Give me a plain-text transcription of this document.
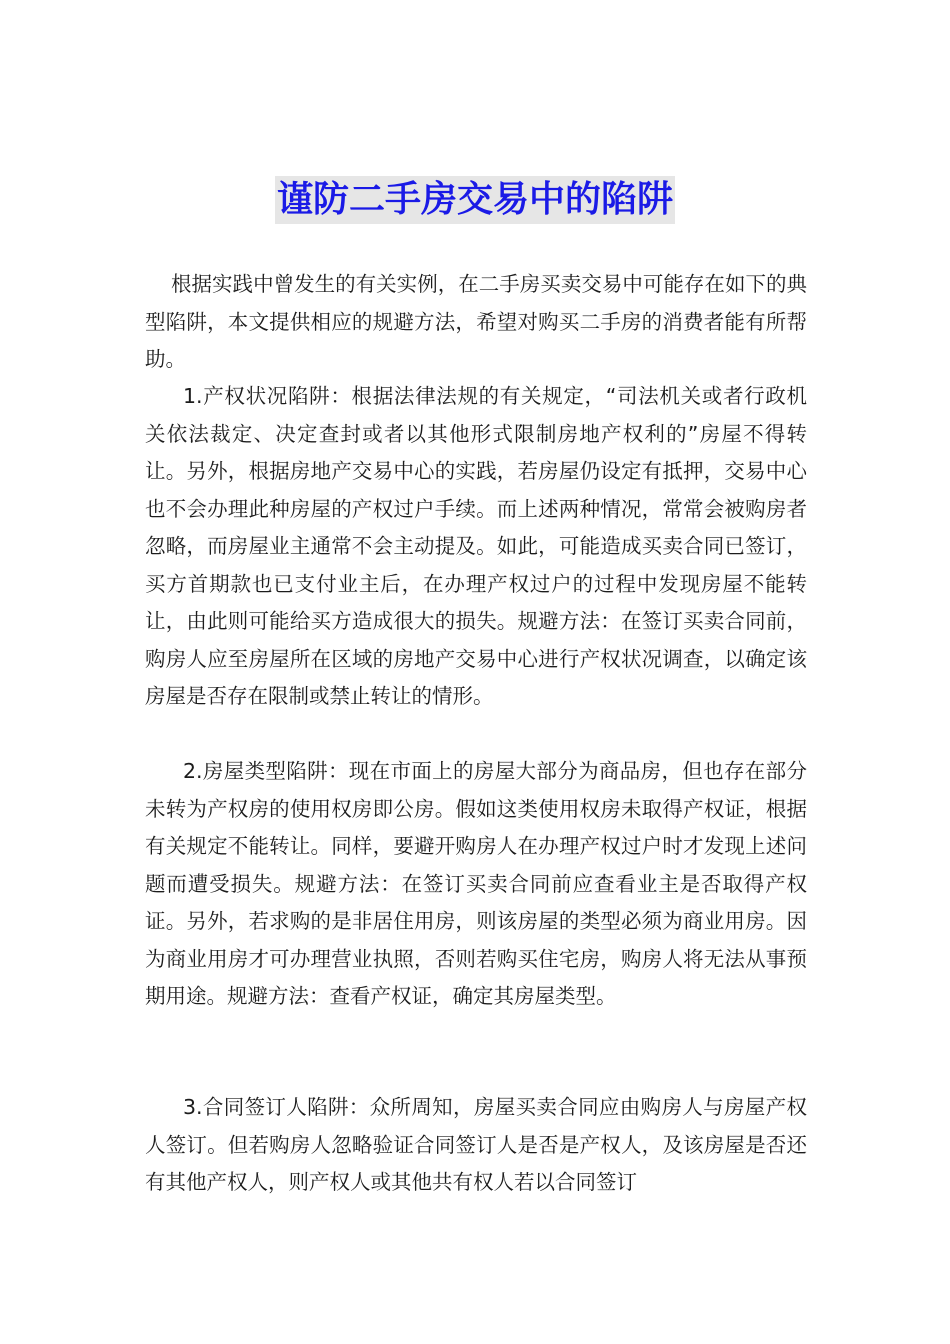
谨防二手房交易中的陷阱

根据实践中曾发生的有关实例，在二手房买卖交易中可能存在如下的典型陷阱，本文提供相应的规避方法，希望对购买二手房的消费者能有所帮助。

1.产权状况陷阱：根据法律法规的有关规定，“司法机关或者行政机关依法裁定、决定查封或者以其他形式限制房地产权利的”房屋不得转让。另外，根据房地产交易中心的实践，若房屋仍设定有抵押，交易中心也不会办理此种房屋的产权过户手续。而上述两种情况，常常会被购房者忽略，而房屋业主通常不会主动提及。如此，可能造成买卖合同已签订，买方首期款也已支付业主后，在办理产权过户的过程中发现房屋不能转让，由此则可能给买方造成很大的损失。规避方法：在签订买卖合同前，购房人应至房屋所在区域的房地产交易中心进行产权状况调查，以确定该房屋是否存在限制或禁止转让的情形。

2.房屋类型陷阱：现在市面上的房屋大部分为商品房，但也存在部分未转为产权房的使用权房即公房。假如这类使用权房未取得产权证，根据有关规定不能转让。同样，要避开购房人在办理产权过户时才发现上述问题而遭受损失。规避方法：在签订买卖合同前应查看业主是否取得产权证。另外，若求购的是非居住用房，则该房屋的类型必须为商业用房。因为商业用房才可办理营业执照，否则若购买住宅房，购房人将无法从事预期用途。规避方法：查看产权证，确定其房屋类型。

3.合同签订人陷阱：众所周知，房屋买卖合同应由购房人与房屋产权人签订。但若购房人忽略验证合同签订人是否是产权人，及该房屋是否还有其他产权人，则产权人或其他共有权人若以合同签订
